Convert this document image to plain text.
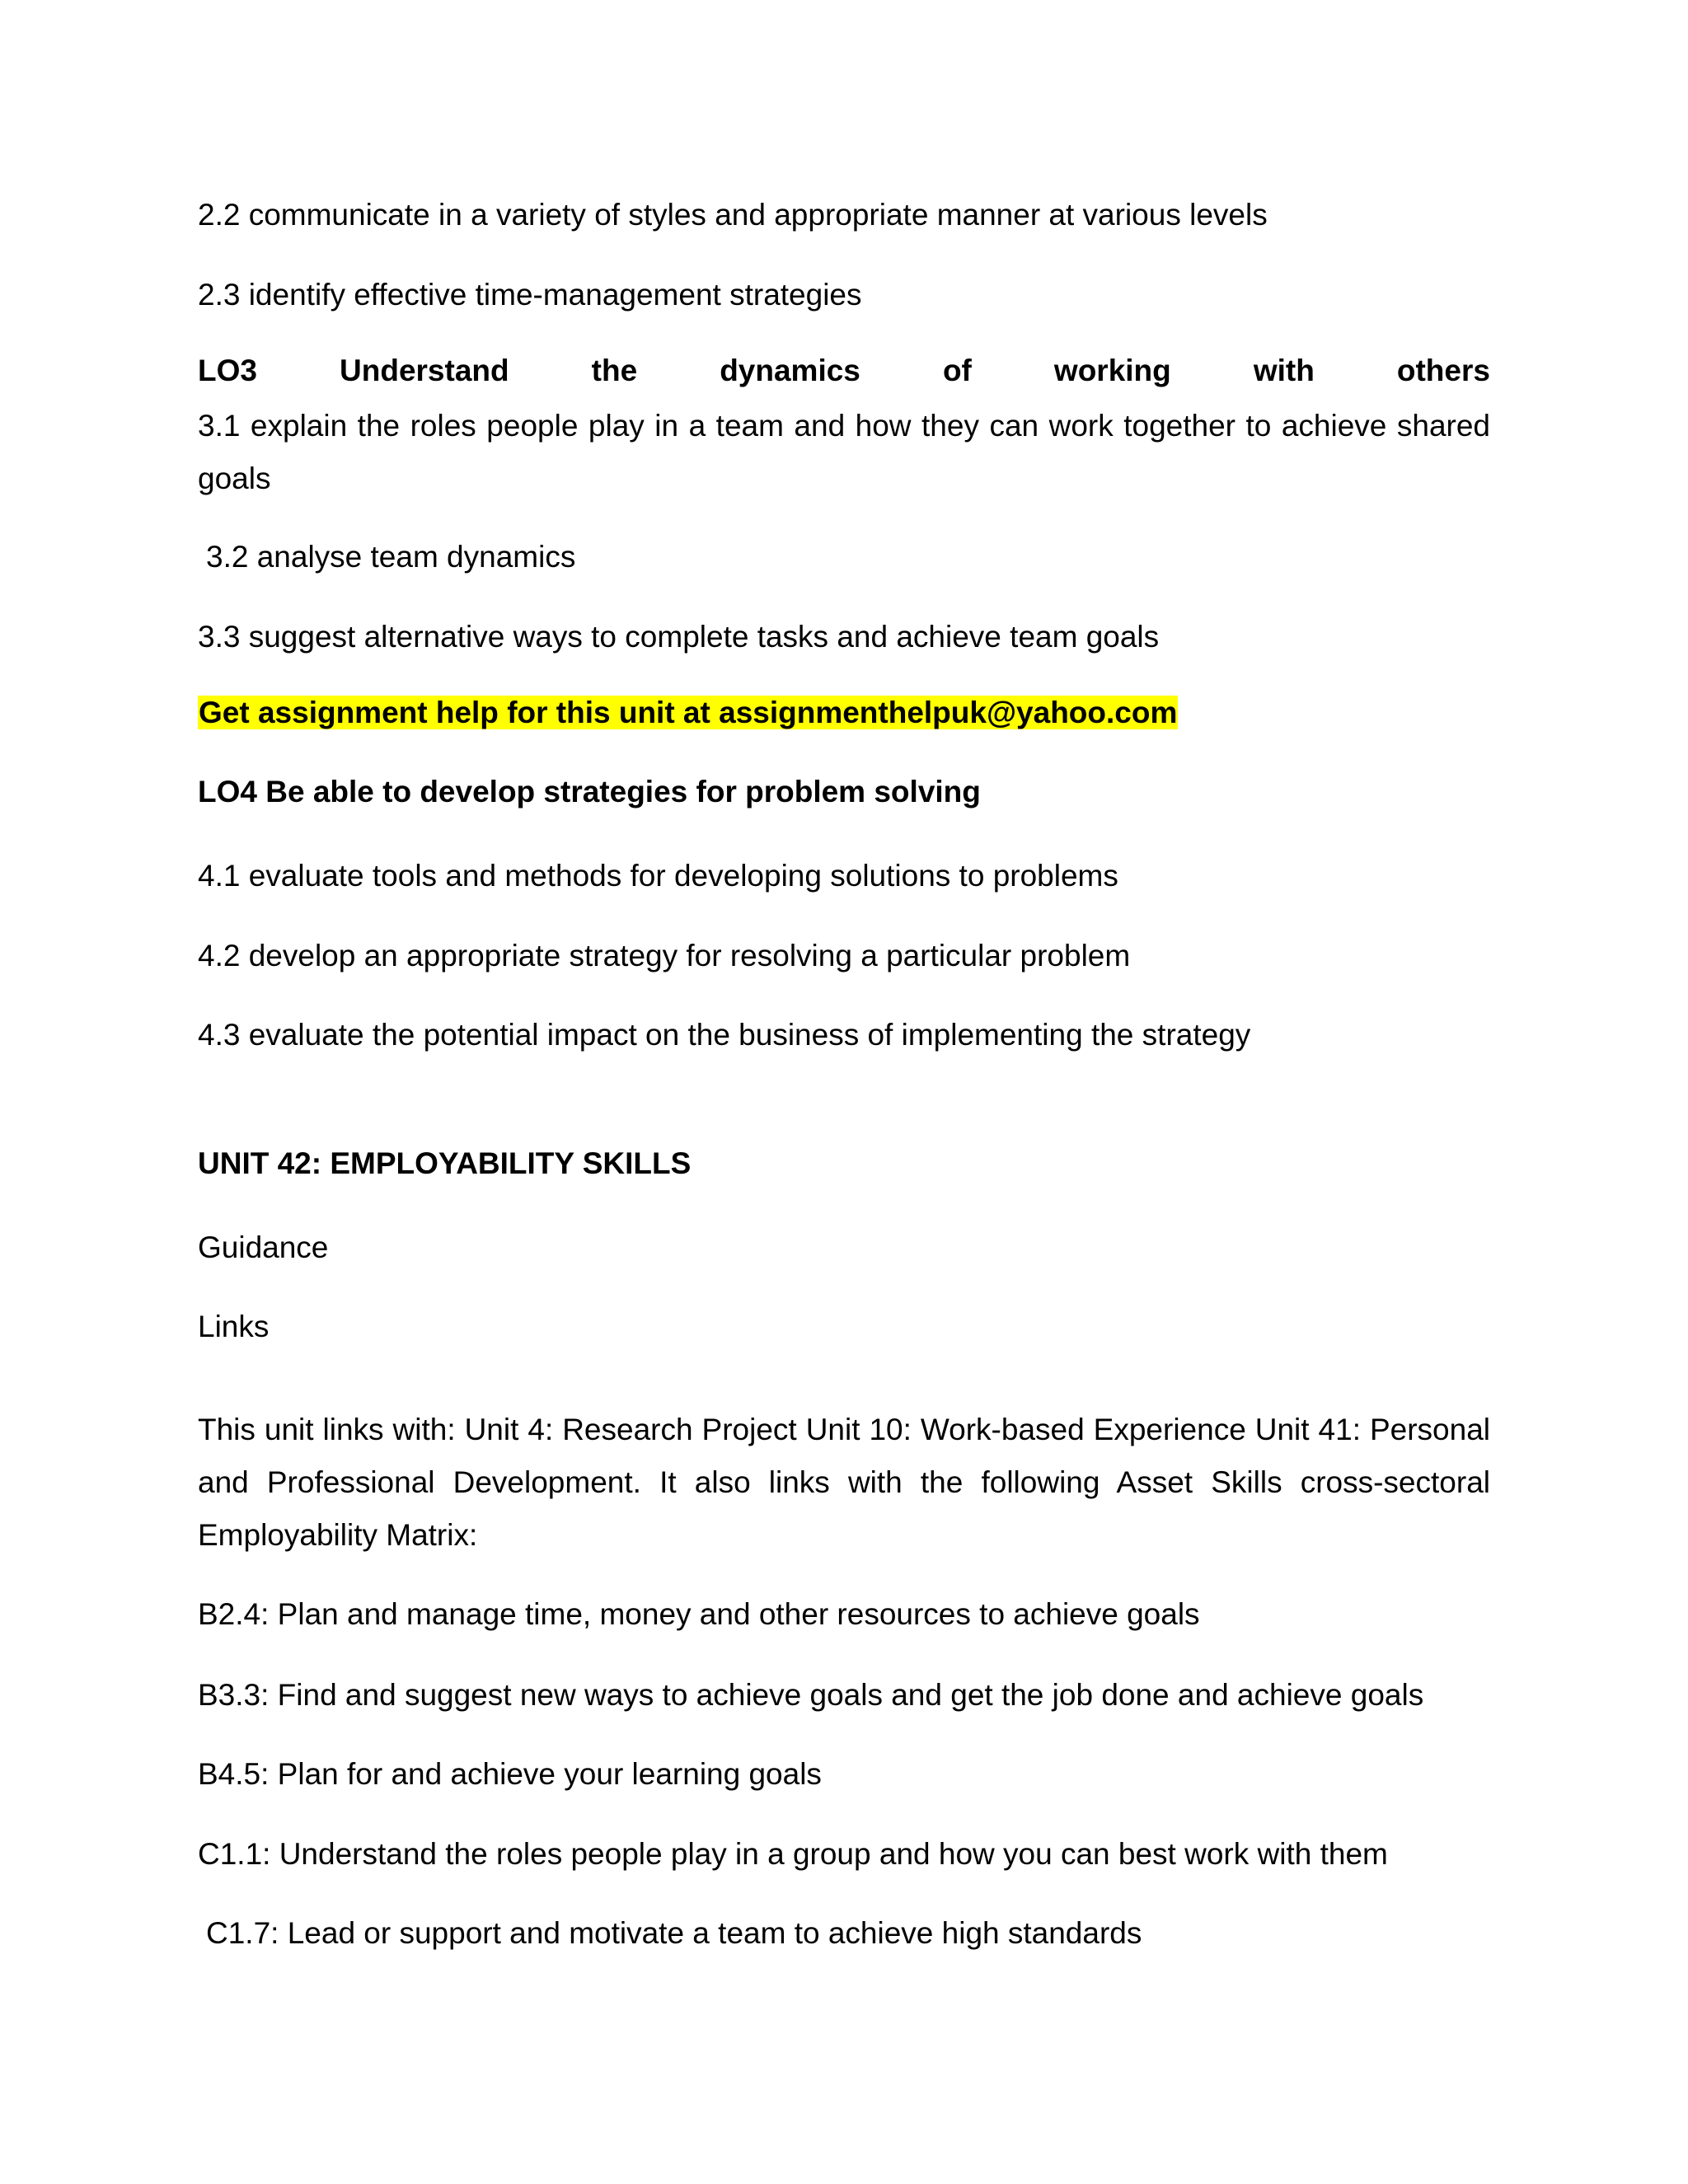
2.2 communicate in a variety of styles and appropriate manner at various levels
2.3 identify effective time-management strategies
LO3	Understand	the	dynamics	of	working	with	others
3.1 explain the roles people play in a team and how they can work together to achieve shared goals
3.2 analyse team dynamics
3.3 suggest alternative ways to complete tasks and achieve team goals
Get assignment help for this unit at assignmenthelpuk@yahoo.com
LO4 Be able to develop strategies for problem solving
4.1 evaluate tools and methods for developing solutions to problems
4.2 develop an appropriate strategy for resolving a particular problem
4.3 evaluate the potential impact on the business of implementing the strategy
UNIT 42: EMPLOYABILITY SKILLS
Guidance
Links
This unit links with: Unit 4: Research Project Unit 10: Work-based Experience Unit 41: Personal and Professional Development. It also links with the following Asset Skills cross-sectoral Employability Matrix:
B2.4: Plan and manage time, money and other resources to achieve goals
B3.3: Find and suggest new ways to achieve goals and get the job done and achieve goals
B4.5: Plan for and achieve your learning goals
C1.1: Understand the roles people play in a group and how you can best work with them
C1.7: Lead or support and motivate a team to achieve high standards
